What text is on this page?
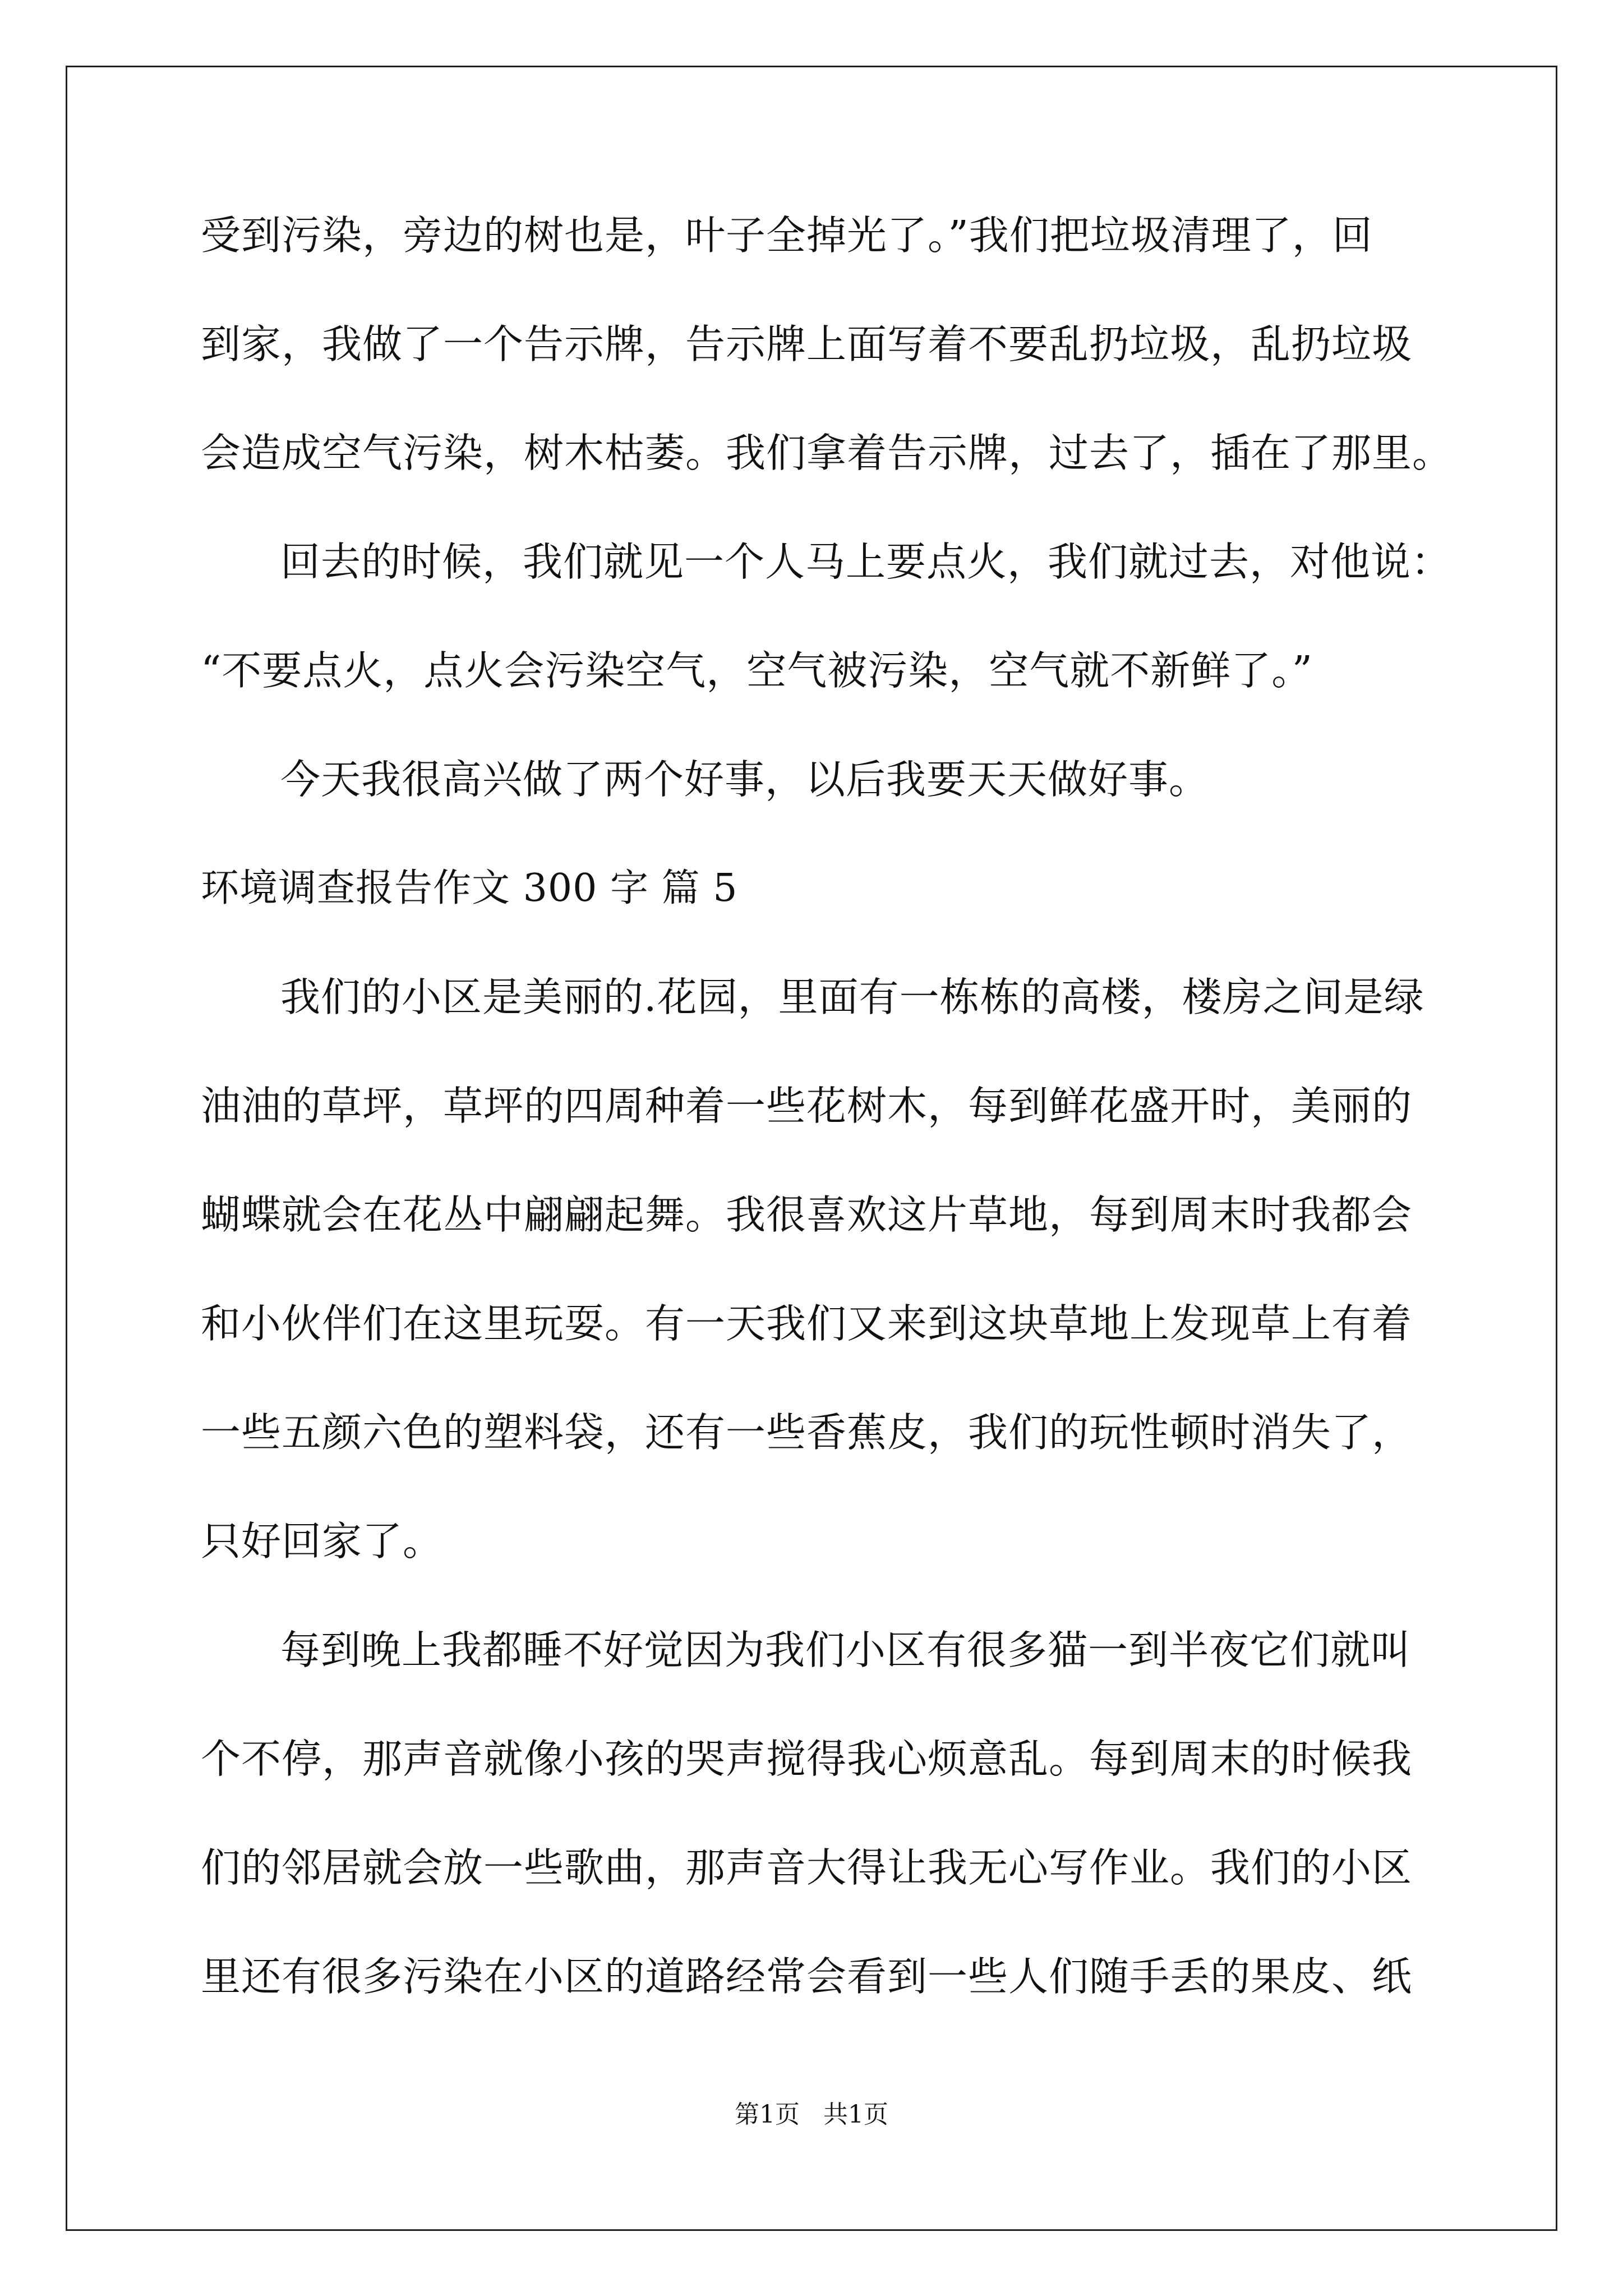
受到污染，旁边的树也是，叶子全掉光了。”我们把垃圾清理了，回
到家，我做了一个告示牌，告示牌上面写着不要乱扔垃圾，乱扔垃圾
会造成空气污染，树木枯萎。我们拿着告示牌，过去了，插在了那里。
回去的时候，我们就见一个人马上要点火，我们就过去，对他说：
“不要点火，点火会污染空气，空气被污染，空气就不新鲜了。”
今天我很高兴做了两个好事，以后我要天天做好事。
环境调查报告作文 300 字 篇 5
我们的小区是美丽的.花园，里面有一栋栋的高楼，楼房之间是绿
油油的草坪，草坪的四周种着一些花树木，每到鲜花盛开时，美丽的
蝴蝶就会在花丛中翩翩起舞。我很喜欢这片草地，每到周末时我都会
和小伙伴们在这里玩耍。有一天我们又来到这块草地上发现草上有着
一些五颜六色的塑料袋，还有一些香蕉皮，我们的玩性顿时消失了，
只好回家了。
每到晚上我都睡不好觉因为我们小区有很多猫一到半夜它们就叫
个不停，那声音就像小孩的哭声搅得我心烦意乱。每到周末的时候我
们的邻居就会放一些歌曲，那声音大得让我无心写作业。我们的小区
里还有很多污染在小区的道路经常会看到一些人们随手丢的果皮、纸
第1页   共1页
